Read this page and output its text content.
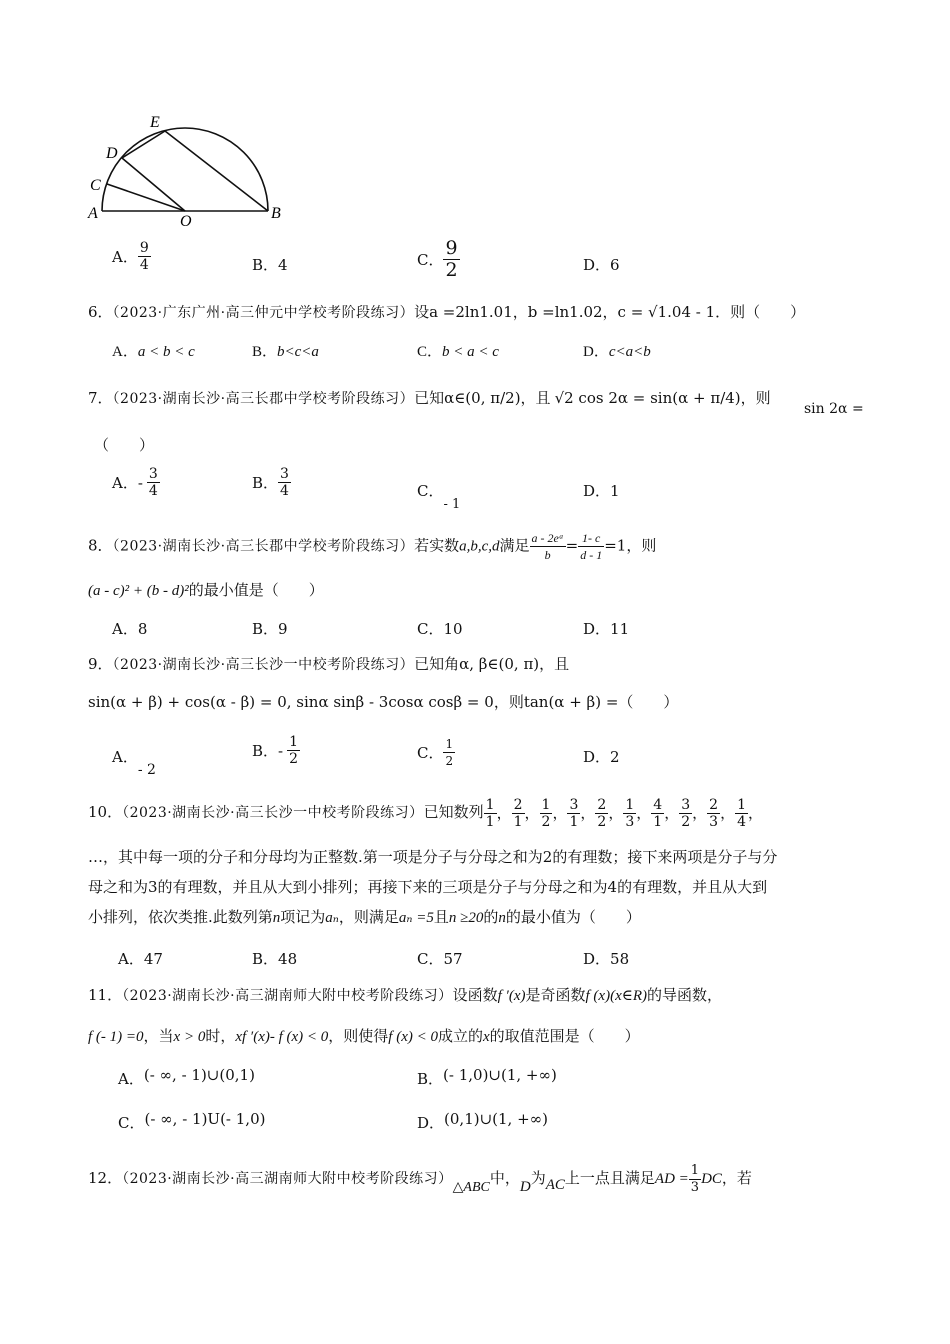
E
D
C
A	O	B
A． $\frac{9}{4}$	B．4	C． $\frac{9}{2}$	D．6
6．（2023·广东广州·高三仲元中学校考阶段练习）设a =2ln1.01，b =ln1.02，c = √1.04 - 1．则（　　）
A．a < b < c	B．b<c<a	C．b < a < c	D．c<a<b
7．（2023·湖南长沙·高三长郡中学校考阶段练习）已知α∈(0, π/2)，且 √2 cos 2α = sin(α + π/4)，则
sin 2α =
（　　）
A．- $\frac{3}{4}$	B． $\frac{3}{4}$	C．- 1
D．1
8．（2023·湖南长沙·高三长郡中学校考阶段练习）若实数a,b,c,d满足 $\frac{\text{a - 2eᵃ}}{b} = \frac{1- c}{d - 1} =1$，则
(a - c)² + (b - d)²的最小值是（　　）
A．8	B．9	C．10	D．11
9．（2023·湖南长沙·高三长沙一中校考阶段练习）已知角α, β∈(0, π)，且
sin(α + β) + cos(α - β) = 0, sinα sinβ - 3cosα cosβ = 0，则tan(α + β) =（　　）
A．- 2
B．- $\frac{1}{2}$	C． $\frac{1}{2}$	D．2
10．（2023·湖南长沙·高三长沙一中校考阶段练习）已知数列 $\frac{1}{1}$ ， $\frac{2}{1}$ ， $\frac{1}{2}$ ， $\frac{3}{1}$ ， $\frac{2}{2}$ ， $\frac{1}{3}$ ， $\frac{4}{1}$ ， $\frac{3}{2}$ ， $\frac{2}{3}$ ， $\frac{1}{4}$ ，
…，其中每一项的分子和分母均为正整数.第一项是分子与分母之和为2的有理数；接下来两项是分子与分
母之和为3的有理数，并且从大到小排列；再接下来的三项是分子与分母之和为4的有理数，并且从大到
小排列，依次类推.此数列第n项记为aₙ，则满足aₙ =5且n ≥20的n的最小值为（　　）
A．47	B．48	C．57	D．58
11．（2023·湖南长沙·高三湖南师大附中校考阶段练习）设函数f ′(x)是奇函数f (x)(x∈R)的导函数，
f (- 1) =0，当x > 0时，xf ′(x)- f (x) < 0，则使得f (x) < 0成立的x的取值范围是（　　）
A．(- ∞, - 1)∪(0,1)	B．(- 1,0)∪(1, +∞)
C．(- ∞, - 1)U(- 1,0)	D．(0,1)∪(1, +∞)
12．（2023·湖南长沙·高三湖南师大附中校考阶段练习）△ABC中，D为AC上一点且满足AD = $\frac{1}{3}$ DC，若
